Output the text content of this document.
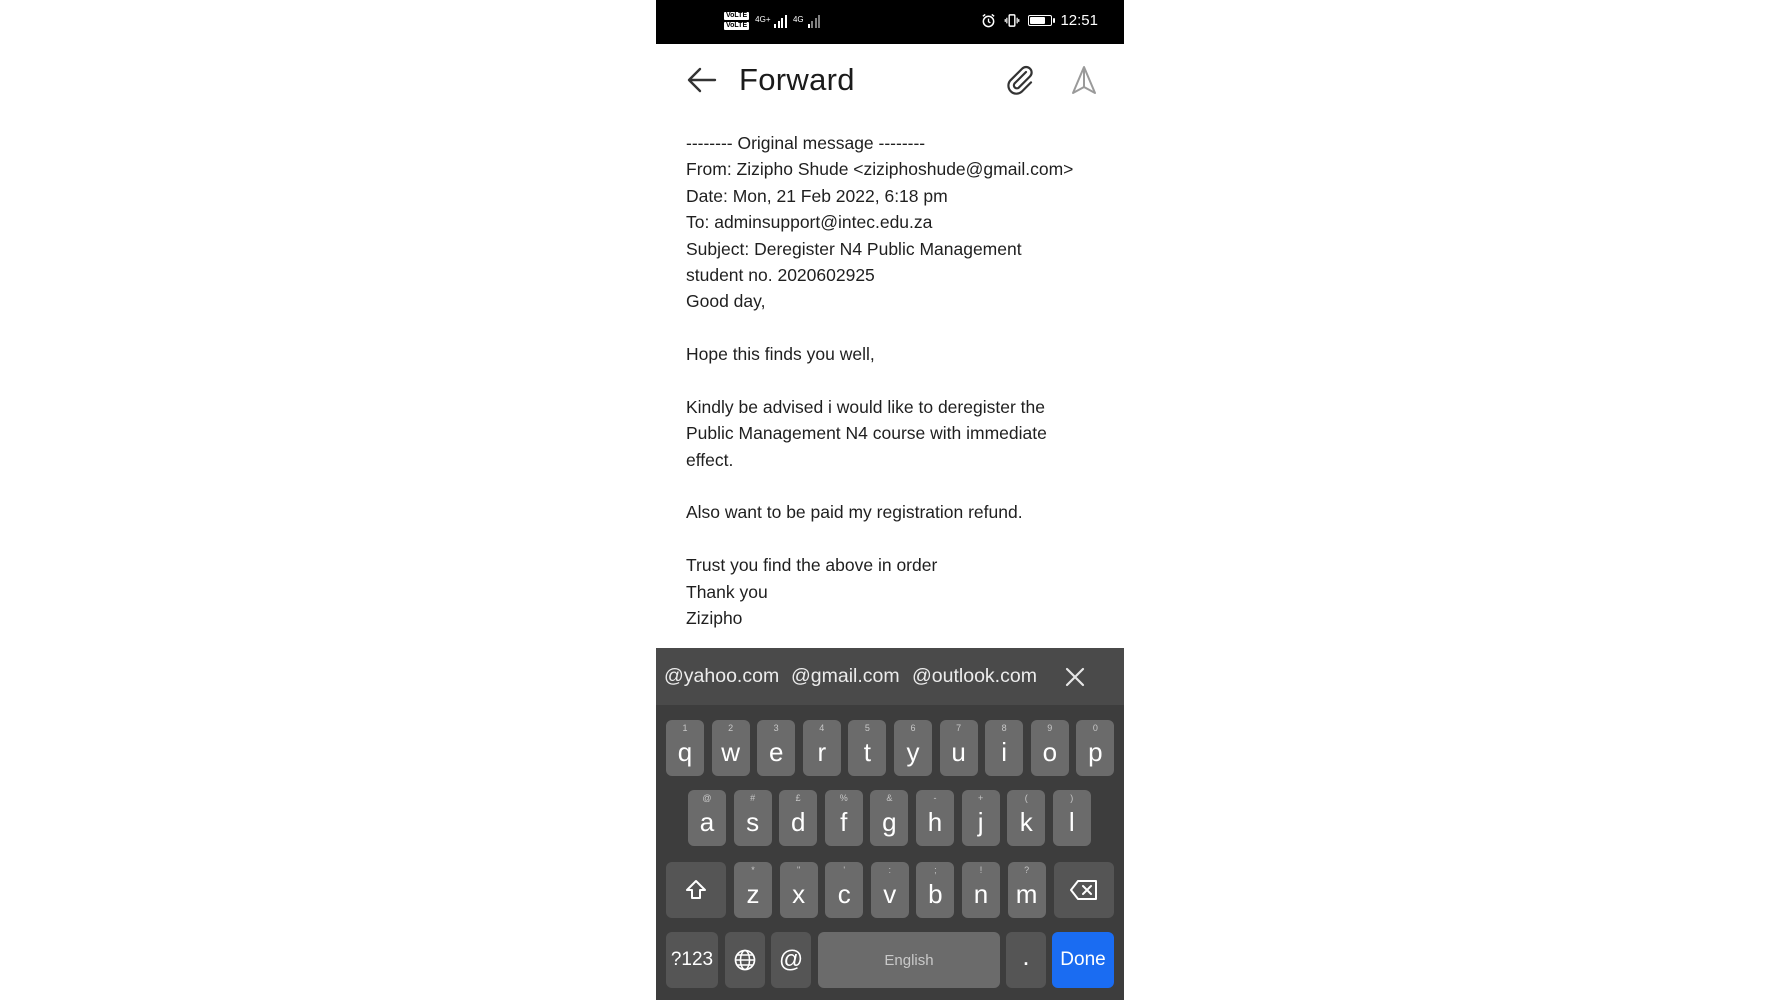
VoLTE
VoLTE
4G+	4G	12:51
Forward
-------- Original message --------
From: Zizipho Shude <ziziphoshude@gmail.com>
Date: Mon, 21 Feb 2022, 6:18 pm
To: adminsupport@intec.edu.za
Subject: Deregister N4 Public Management
student no. 2020602925
Good day,
Hope this finds you well,
Kindly be advised i would like to deregister the
Public Management N4 course with immediate
effect.
Also want to be paid my registration refund.
Trust you find the above in order
Thank you
Zizipho
@yahoo.com @gmail.com @outlook.com
?123	@	English	.	Done
1
q
2
w
3
e
4
r
5
t
6
y
7
u
8
i
9
o
0
p
@
a
#
s
£
d
%
f
&
g
-
h
+
j
(
k
)
l
*
z
"
x
'
c
:
v
;
b
!
n
?
m
